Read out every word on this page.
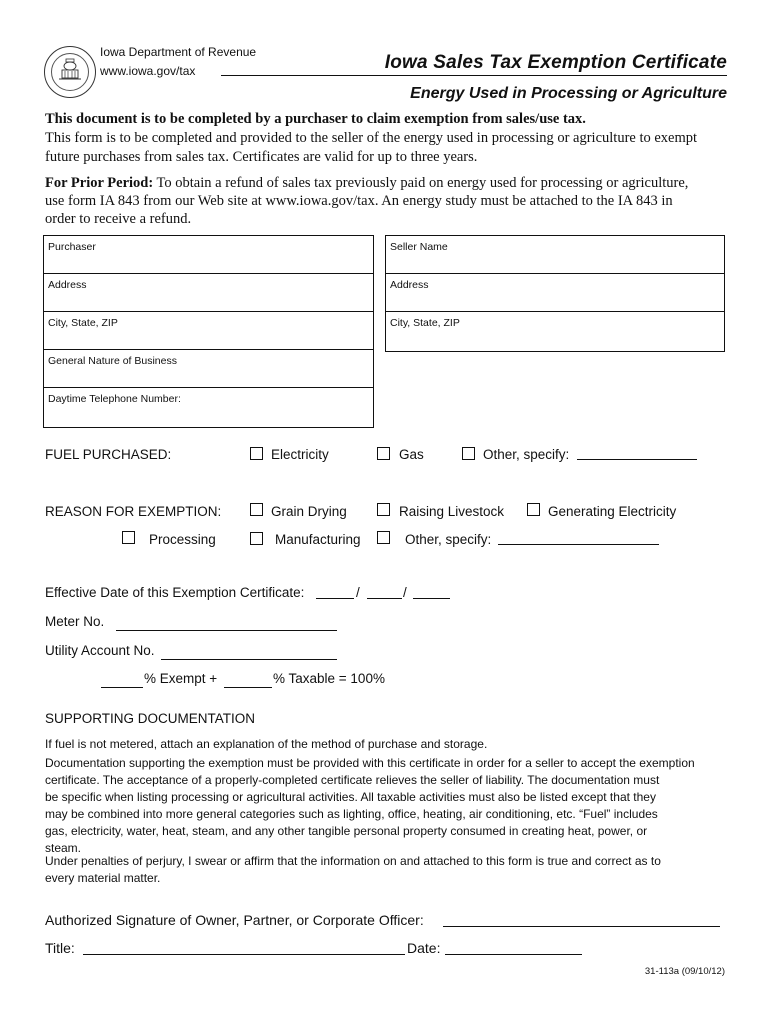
Iowa Department of Revenue
www.iowa.gov/tax	Iowa Sales Tax Exemption Certificate
Energy Used in Processing or Agriculture
This document is to be completed by a purchaser to claim exemption from sales/use tax.
This form is to be completed and provided to the seller of the energy used in processing or agriculture to exempt
future purchases from sales tax. Certificates are valid for up to three years.
For Prior Period: To obtain a refund of sales tax previously paid on energy used for processing or agriculture,
use form IA 843 from our Web site at www.iowa.gov/tax. An energy study must be attached to the IA 843 in
order to receive a refund.
Purchaser
Address
City, State, ZIP
General Nature of Business
Daytime Telephone Number:
Seller Name
Address
City, State, ZIP
FUEL PURCHASED:	Electricity	Gas	Other, specify:
REASON FOR EXEMPTION:	Grain Drying	Raising Livestock	Generating Electricity
Processing	Manufacturing	Other, specify:
Effective Date of this Exemption Certificate:	/	/
Meter No.
Utility Account No.
% Exempt +	% Taxable = 100%
SUPPORTING DOCUMENTATION
If fuel is not metered, attach an explanation of the method of purchase and storage.
Documentation supporting the exemption must be provided with this certificate in order for a seller to accept the exemption
certificate. The acceptance of a properly-completed certificate relieves the seller of liability. The documentation must
be specific when listing processing or agricultural activities. All taxable activities must also be listed except that they
may be combined into more general categories such as lighting, office, heating, air conditioning, etc. “Fuel” includes
gas, electricity, water, heat, steam, and any other tangible personal property consumed in creating heat, power, or
steam.
Under penalties of perjury, I swear or affirm that the information on and attached to this form is true and correct as to
every material matter.
Authorized Signature of Owner, Partner, or Corporate Officer:
Title:	Date:
31-113a (09/10/12)
